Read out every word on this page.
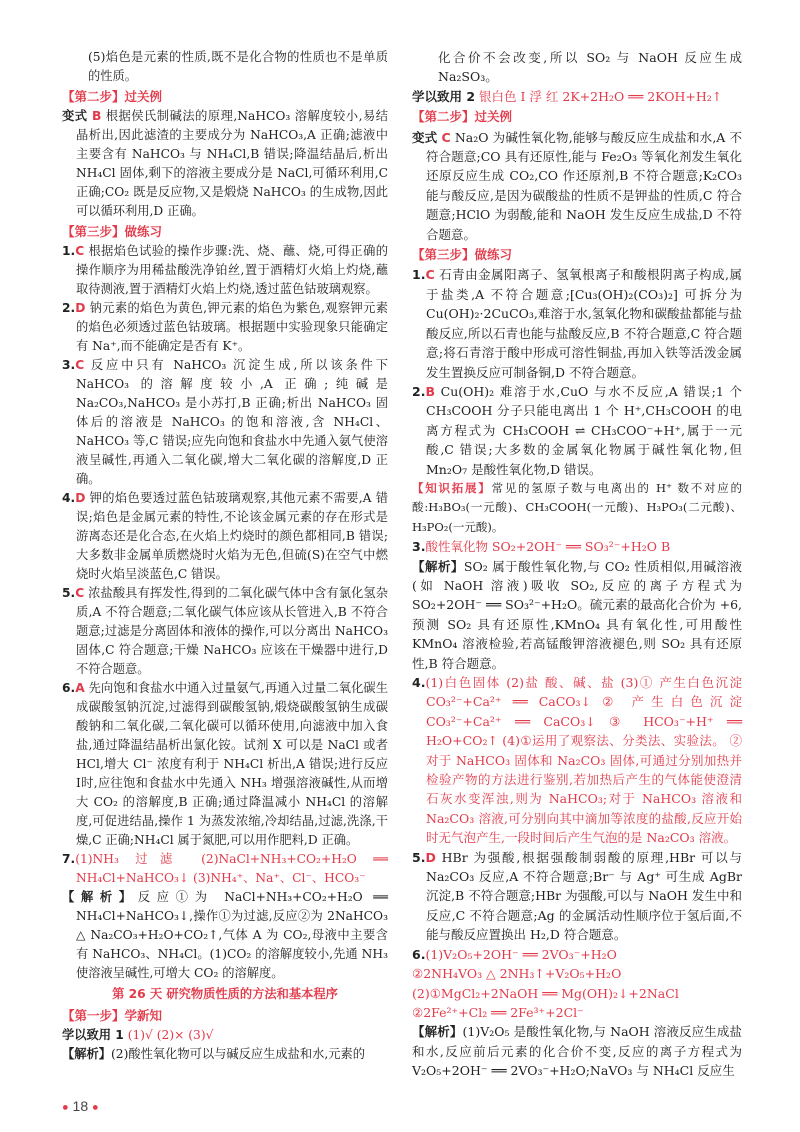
(5)焰色是元素的性质,既不是化合物的性质也不是单质的性质。

【第二步】过关例

变式 B 根据侯氏制碱法的原理,NaHCO₃ 溶解度较小,易结晶析出,因此滤渣的主要成分为 NaHCO₃,A 正确;滤液中主要含有 NaHCO₃ 与 NH₄Cl,B 错误;降温结晶后,析出 NH₄Cl 固体,剩下的溶液主要成分是 NaCl,可循环利用,C 正确;CO₂ 既是反应物,又是煅烧 NaHCO₃ 的生成物,因此可以循环利用,D 正确。

【第三步】做练习

1.C 根据焰色试验的操作步骤:洗、烧、蘸、烧,可得正确的操作顺序为用稀盐酸洗净铂丝,置于酒精灯火焰上灼烧,蘸取待测液,置于酒精灯火焰上灼烧,透过蓝色钴玻璃观察。

2.D 钠元素的焰色为黄色,钾元素的焰色为紫色,观察钾元素的焰色必须透过蓝色钴玻璃。根据题中实验现象只能确定有 Na⁺,而不能确定是否有 K⁺。

3.C 反应中只有 NaHCO₃ 沉淀生成,所以该条件下 NaHCO₃ 的溶解度较小,A 正确;纯碱是 Na₂CO₃,NaHCO₃ 是小苏打,B 正确;析出 NaHCO₃ 固体后的溶液是 NaHCO₃ 的饱和溶液,含 NH₄Cl、NaHCO₃ 等,C 错误;应先向饱和食盐水中先通入氨气使溶液呈碱性,再通入二氧化碳,增大二氧化碳的溶解度,D 正确。

4.D 钾的焰色要透过蓝色钴玻璃观察,其他元素不需要,A 错误;焰色是金属元素的特性,不论该金属元素的存在形式是游离态还是化合态,在火焰上灼烧时的颜色都相同,B 错误;大多数非金属单质燃烧时火焰为无色,但硫(S)在空气中燃烧时火焰呈淡蓝色,C 错误。

5.C 浓盐酸具有挥发性,得到的二氧化碳气体中含有氯化氢杂质,A 不符合题意;二氧化碳气体应该从长管进入,B 不符合题意;过滤是分离固体和液体的操作,可以分离出 NaHCO₃ 固体,C 符合题意;干燥 NaHCO₃ 应该在干燥器中进行,D 不符合题意。

6.A 先向饱和食盐水中通入过量氨气,再通入过量二氧化碳生成碳酸氢钠沉淀,过滤得到碳酸氢钠,煅烧碳酸氢钠生成碳酸钠和二氧化碳,二氧化碳可以循环使用,向滤液中加入食盐,通过降温结晶析出氯化铵。试剂 X 可以是 NaCl 或者 HCl,增大 Cl⁻ 浓度有利于 NH₄Cl 析出,A 错误;进行反应Ⅰ时,应往饱和食盐水中先通入 NH₃ 增强溶液碱性,从而增大 CO₂ 的溶解度,B 正确;通过降温减小 NH₄Cl 的溶解度,可促进结晶,操作 1 为蒸发浓缩,冷却结晶,过滤,洗涤,干燥,C 正确;NH₄Cl 属于氮肥,可以用作肥料,D 正确。

7.(1)NH₃ 过滤 (2)NaCl+NH₃+CO₂+H₂O ══ NH₄Cl+NaHCO₃↓ (3)NH₄⁺、Na⁺、Cl⁻、HCO₃⁻

【解析】反应①为 NaCl+NH₃+CO₂+H₂O ══ NH₄Cl+NaHCO₃↓,操作①为过滤,反应②为 2NaHCO₃ △ Na₂CO₃+H₂O+CO₂↑,气体 A 为 CO₂,母液中主要含有 NaHCO₃、NH₄Cl。(1)CO₂ 的溶解度较小,先通 NH₃ 使溶液呈碱性,可增大 CO₂ 的溶解度。

第 26 天 研究物质性质的方法和基本程序
【第一步】学新知

学以致用 1 (1)√ (2)× (3)√

【解析】(2)酸性氧化物可以与碱反应生成盐和水,元素的

化合价不会改变,所以 SO₂ 与 NaOH 反应生成 Na₂SO₃。

学以致用 2 银白色 Ⅰ 浮 红 2K+2H₂O ══ 2KOH+H₂↑

【第二步】过关例

变式 C Na₂O 为碱性氧化物,能够与酸反应生成盐和水,A 不符合题意;CO 具有还原性,能与 Fe₂O₃ 等氧化剂发生氧化还原反应生成 CO₂,CO 作还原剂,B 不符合题意;K₂CO₃ 能与酸反应,是因为碳酸盐的性质不是钾盐的性质,C 符合题意;HClO 为弱酸,能和 NaOH 发生反应生成盐,D 不符合题意。

【第三步】做练习

1.C 石青由金属阳离子、氢氧根离子和酸根阴离子构成,属于盐类,A 不符合题意;[Cu₃(OH)₂(CO₃)₂] 可拆分为 Cu(OH)₂·2CuCO₃,难溶于水,氢氧化物和碳酸盐都能与盐酸反应,所以石青也能与盐酸反应,B 不符合题意,C 符合题意;将石青溶于酸中形成可溶性铜盐,再加入铁等活泼金属发生置换反应可制备铜,D 不符合题意。

2.B Cu(OH)₂ 难溶于水,CuO 与水不反应,A 错误;1 个 CH₃COOH 分子只能电离出 1 个 H⁺,CH₃COOH 的电离方程式为 CH₃COOH ⇌ CH₃COO⁻+H⁺,属于一元酸,C 错误;大多数的金属氧化物属于碱性氧化物,但 Mn₂O₇ 是酸性氧化物,D 错误。

【知识拓展】常见的氢原子数与电离出的 H⁺ 数不对应的酸:H₃BO₃(一元酸)、CH₃COOH(一元酸)、H₃PO₃(二元酸)、H₃PO₂(一元酸)。

3.酸性氧化物 SO₂+2OH⁻ ══ SO₃²⁻+H₂O B

【解析】SO₂ 属于酸性氧化物,与 CO₂ 性质相似,用碱溶液(如 NaOH 溶液)吸收 SO₂,反应的离子方程式为 SO₂+2OH⁻ ══ SO₃²⁻+H₂O。硫元素的最高化合价为 +6,预测 SO₂ 具有还原性,KMnO₄ 具有氧化性,可用酸性 KMnO₄ 溶液检验,若高锰酸钾溶液褪色,则 SO₂ 具有还原性,B 符合题意。

4.(1)白色固体 (2)盐 酸、碱、盐 (3)① 产生白色沉淀 CO₃²⁻+Ca²⁺ ══ CaCO₃↓ ② 产生白色沉淀 CO₃²⁻+Ca²⁺ ══ CaCO₃↓ ③ HCO₃⁻+H⁺ ══ H₂O+CO₂↑ (4)①运用了观察法、分类法、实验法。 ②对于 NaHCO₃ 固体和 Na₂CO₃ 固体,可通过分别加热并检验产物的方法进行鉴别,若加热后产生的气体能使澄清石灰水变浑浊,则为 NaHCO₃;对于 NaHCO₃ 溶液和 Na₂CO₃ 溶液,可分别向其中滴加等浓度的盐酸,反应开始时无气泡产生,一段时间后产生气泡的是 Na₂CO₃ 溶液。

5.D HBr 为强酸,根据强酸制弱酸的原理,HBr 可以与 Na₂CO₃ 反应,A 不符合题意;Br⁻ 与 Ag⁺ 可生成 AgBr 沉淀,B 不符合题意;HBr 为强酸,可以与 NaOH 发生中和反应,C 不符合题意;Ag 的金属活动性顺序位于氢后面,不能与酸反应置换出 H₂,D 符合题意。

6.(1)V₂O₅+2OH⁻ ══ 2VO₃⁻+H₂O

②2NH₄VO₃ △ 2NH₃↑+V₂O₅+H₂O

(2)①MgCl₂+2NaOH ══ Mg(OH)₂↓+2NaCl

②2Fe²⁺+Cl₂ ══ 2Fe³⁺+2Cl⁻

【解析】(1)V₂O₅ 是酸性氧化物,与 NaOH 溶液反应生成盐和水,反应前后元素的化合价不变,反应的离子方程式为 V₂O₅+2OH⁻ ══ 2VO₃⁻+H₂O;NaVO₃ 与 NH₄Cl 反应生

● 18 ●
